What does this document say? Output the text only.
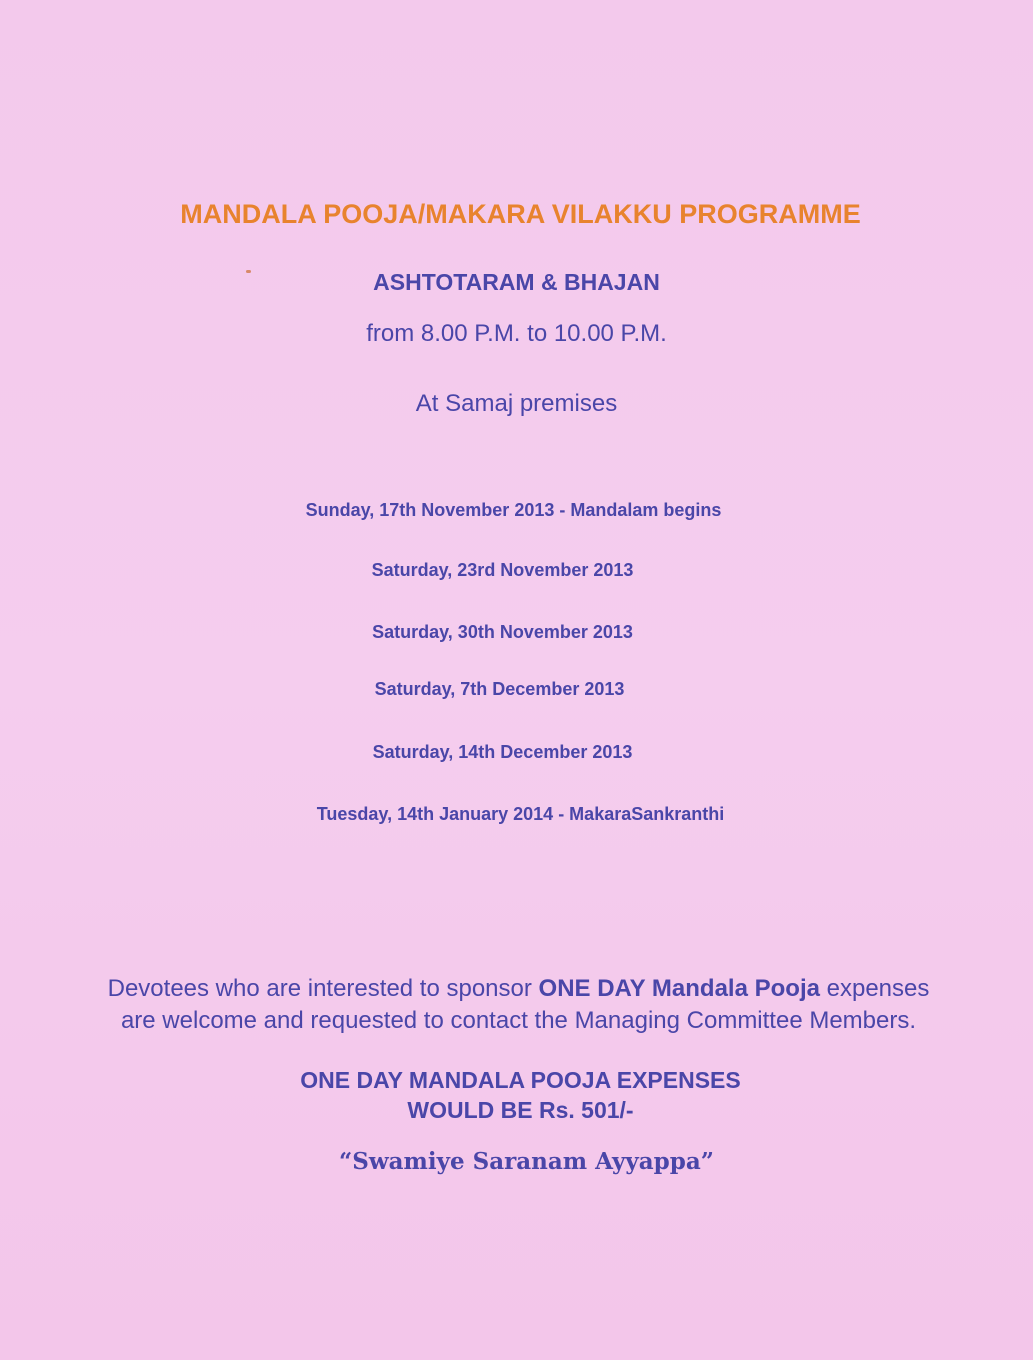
MANDALA POOJA/MAKARA VILAKKU PROGRAMME
ASHTOTARAM & BHAJAN
from 8.00 P.M. to 10.00 P.M.
At Samaj premises
Sunday, 17th November 2013 - Mandalam begins
Saturday, 23rd November 2013
Saturday, 30th November 2013
Saturday, 7th December 2013
Saturday, 14th December 2013
Tuesday, 14th January 2014 - MakaraSankranthi
Devotees who are interested to sponsor ONE DAY Mandala Pooja expenses
are welcome and requested to contact the Managing Committee Members.
ONE DAY MANDALA POOJA EXPENSES
WOULD BE Rs. 501/-
“Swamiye Saranam Ayyappa”
